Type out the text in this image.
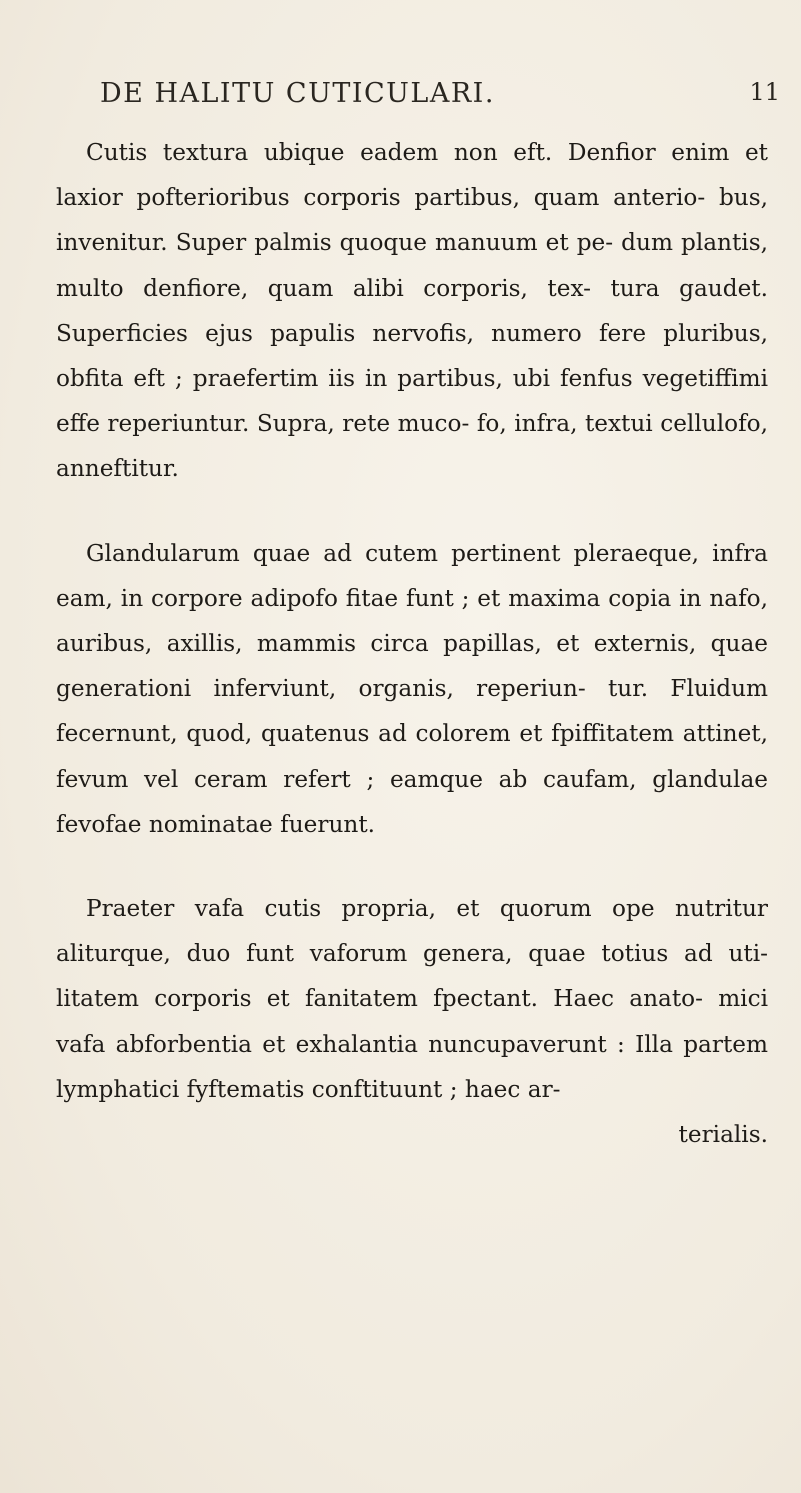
DE HALITU CUTICULARI.	11

Cutis textura ubique eadem non eft. Denfior enim et laxior pofterioribus corporis partibus, quam anterio- bus, invenitur. Super palmis quoque manuum et pe- dum plantis, multo denfiore, quam alibi corporis, tex- tura gaudet. Superficies ejus papulis nervofis, numero fere pluribus, obfita eft ; praefertim iis in partibus, ubi fenfus vegetiffimi effe reperiuntur. Supra, rete muco- fo, infra, textui cellulofo, anneftitur.

Glandularum quae ad cutem pertinent pleraeque, infra eam, in corpore adipofo fitae funt ; et maxima copia in nafo, auribus, axillis, mammis circa papillas, et externis, quae generationi inferviunt, organis, reperiun- tur. Fluidum fecernunt, quod, quatenus ad colorem et fpiffitatem attinet, fevum vel ceram refert ; eamque ab caufam, glandulae fevofae nominatae fuerunt.

Praeter vafa cutis propria, et quorum ope nutritur aliturque, duo funt vaforum genera, quae totius ad uti- litatem corporis et fanitatem fpectant. Haec anato- mici vafa abforbentia et exhalantia nuncupaverunt : Illa partem lymphatici fyftematis conftituunt ; haec ar-

terialis.
